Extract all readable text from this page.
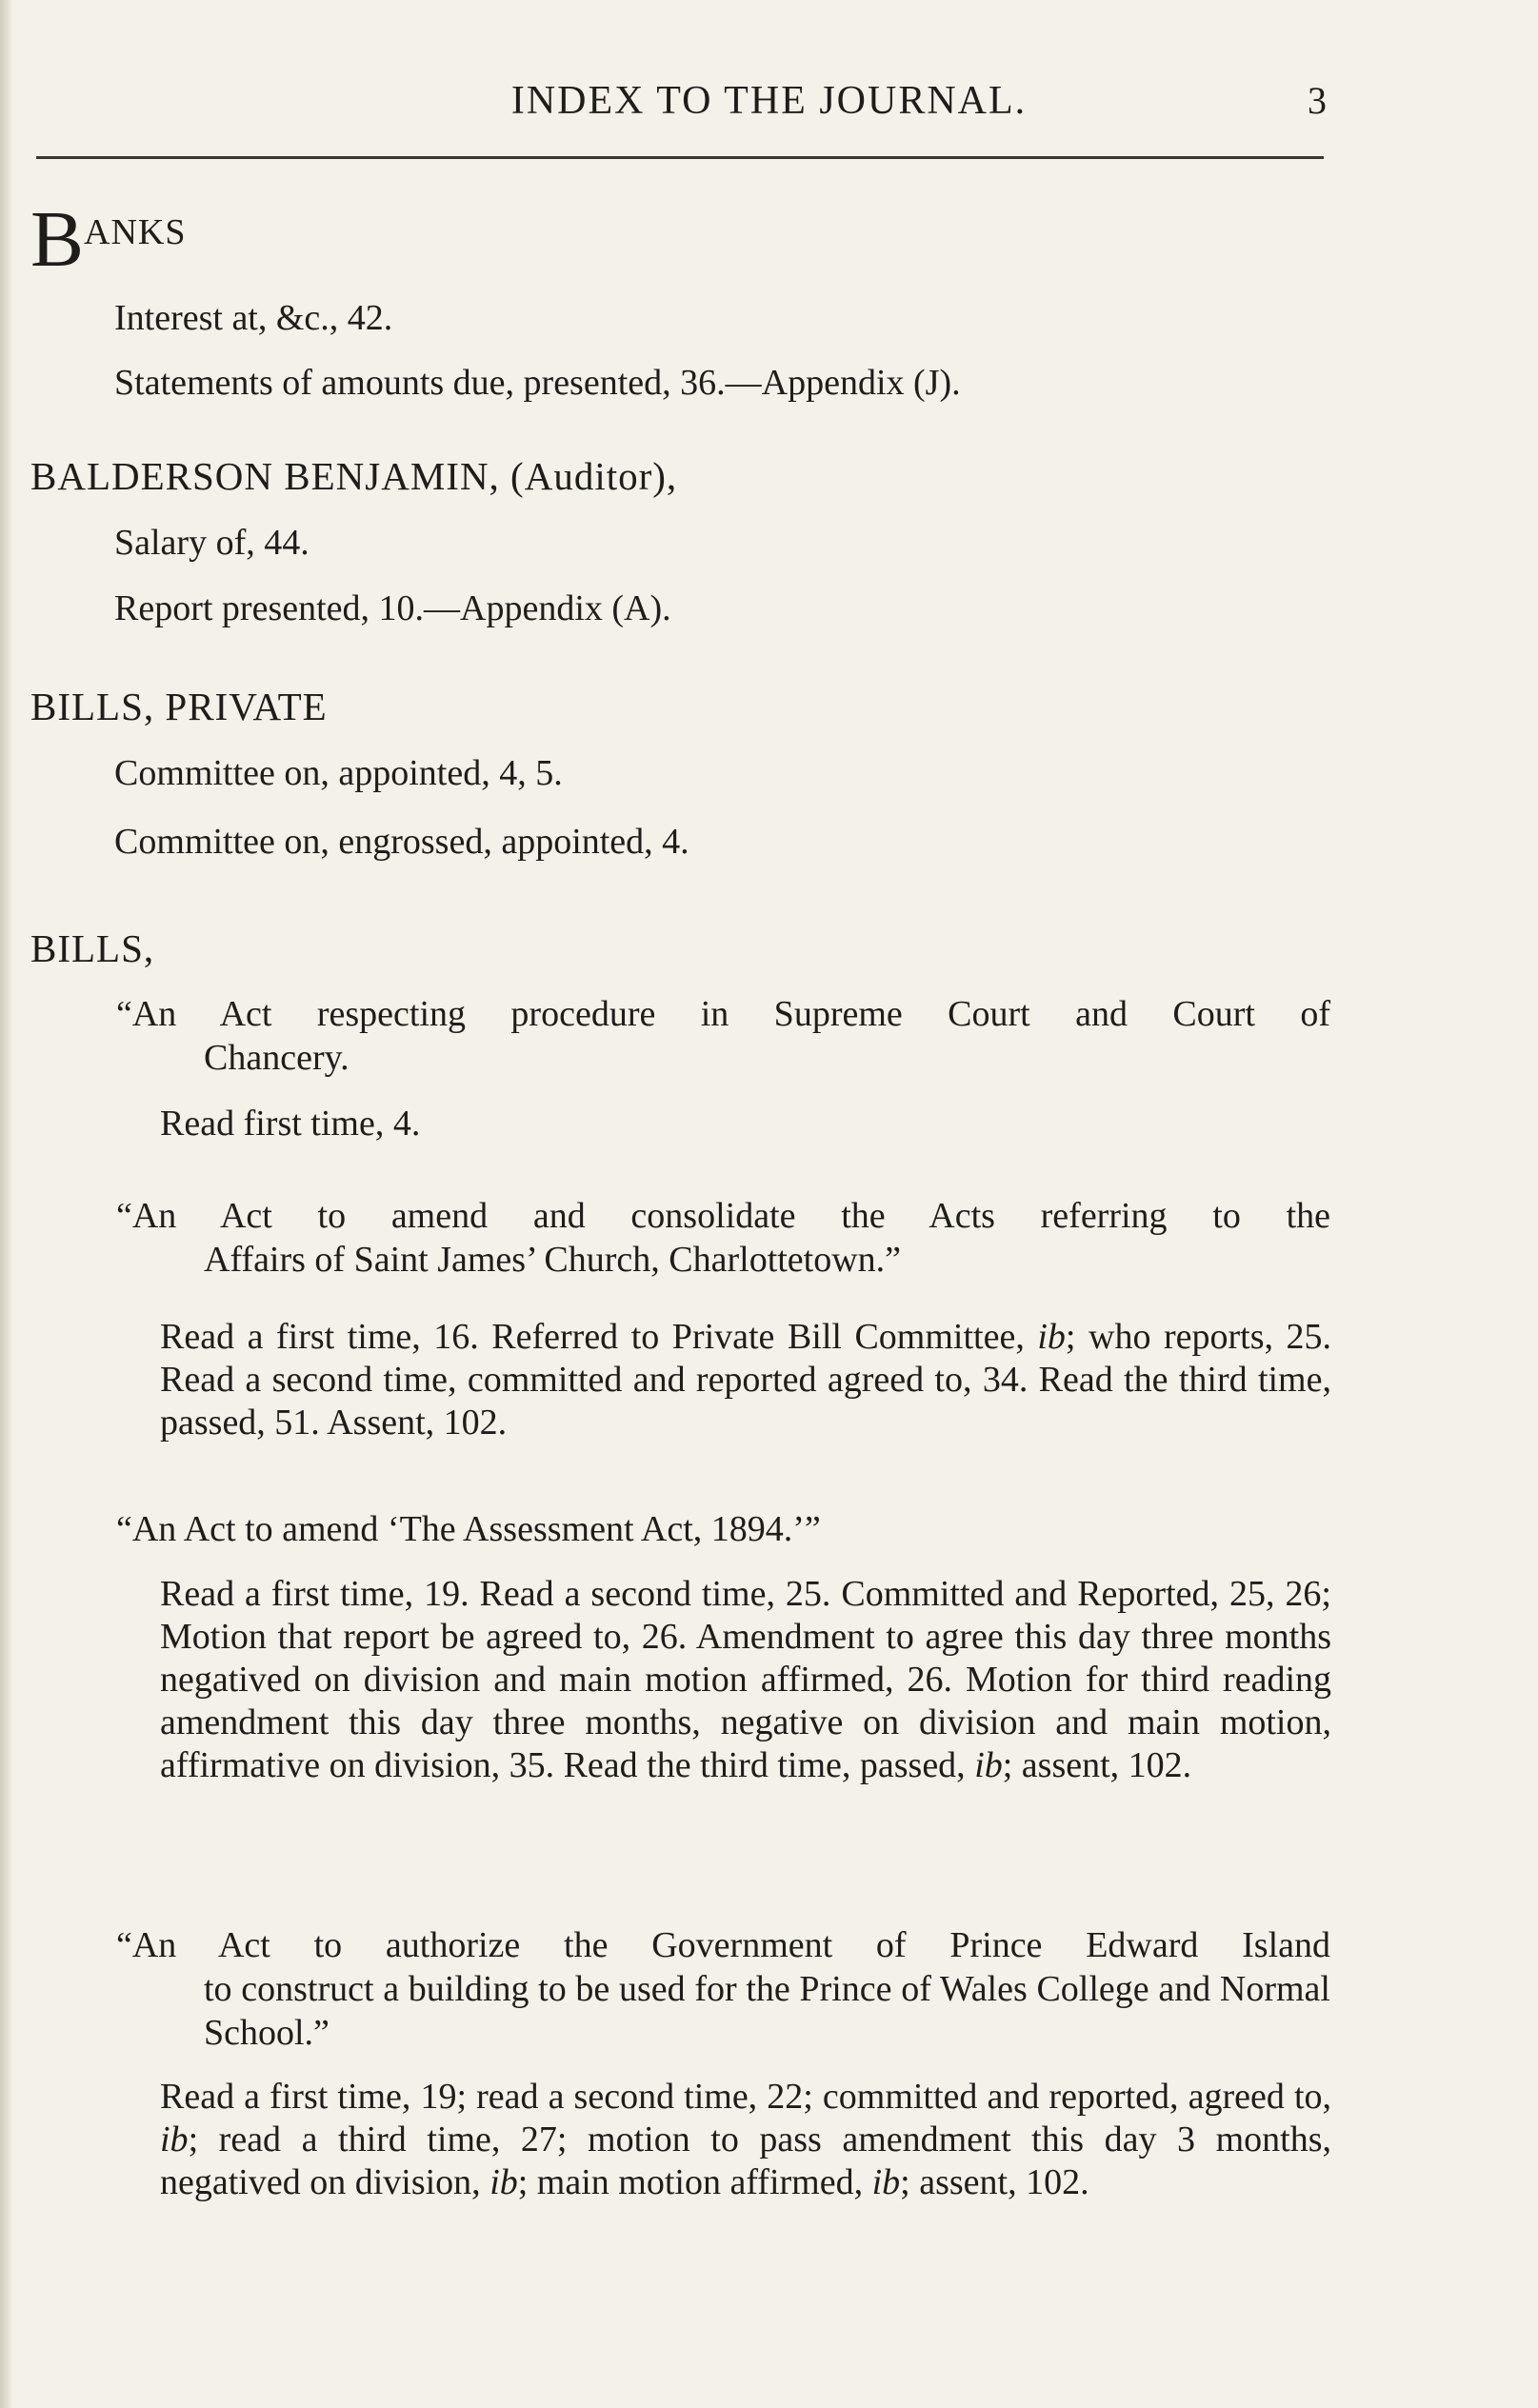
INDEX TO THE JOURNAL.	3
BANKS
Interest at, &c., 42.
Statements of amounts due, presented, 36.—Appendix (J).
BALDERSON BENJAMIN, (Auditor),
Salary of, 44.
Report presented, 10.—Appendix (A).
BILLS, PRIVATE
Committee on, appointed, 4, 5.
Committee on, engrossed, appointed, 4.
BILLS,
“An Act respecting procedure in Supreme Court and Court of
Chancery.
Read first time, 4.
“An Act to amend and consolidate the Acts referring to the
Affairs of Saint James’ Church, Charlottetown.”
Read a first time, 16. Referred to Private Bill Committee, ib; who reports, 25. Read a second time, committed and reported agreed to, 34. Read the third time, passed, 51. Assent, 102.
“An Act to amend ‘The Assessment Act, 1894.’”
Read a first time, 19. Read a second time, 25. Committed and Reported, 25, 26; Motion that report be agreed to, 26. Amendment to agree this day three months negatived on division and main motion affirmed, 26. Motion for third reading amendment this day three months, negative on division and main motion, affirmative on division, 35. Read the third time, passed, ib; assent, 102.
“An Act to authorize the Government of Prince Edward Island
to construct a building to be used for the Prince of Wales College and Normal School.”
Read a first time, 19; read a second time, 22; committed and reported, agreed to, ib; read a third time, 27; motion to pass amendment this day 3 months, negatived on division, ib; main motion affirmed, ib; assent, 102.
